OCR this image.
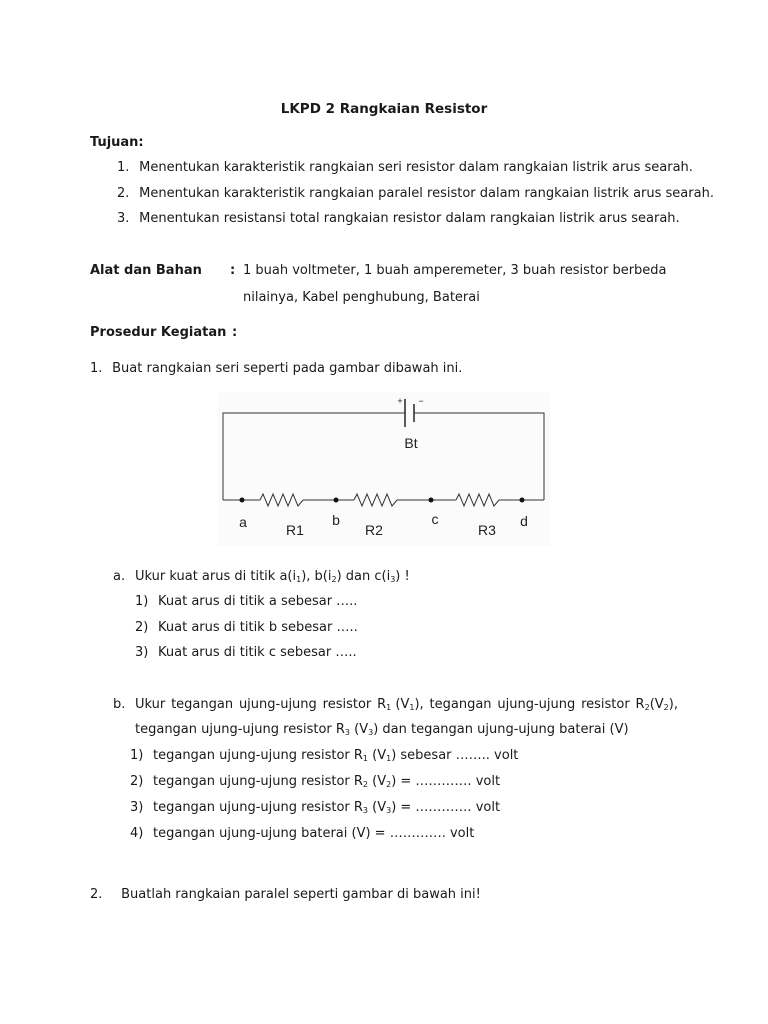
LKPD 2 Rangkaian Resistor
Tujuan:
1. Menentukan karakteristik rangkaian seri resistor dalam rangkaian listrik arus searah.
2. Menentukan karakteristik rangkaian paralel resistor dalam rangkaian listrik arus searah.
3. Menentukan resistansi total rangkaian resistor dalam rangkaian listrik arus searah.
Alat dan Bahan : 1 buah voltmeter, 1 buah amperemeter, 3 buah resistor berbeda
nilainya, Kabel penghubung, Baterai
Prosedur Kegiatan :
1. Buat rangkaian seri seperti pada gambar dibawah ini.
+ −
Bt
a	b	c	d
R1	R2	R3
a. Ukur kuat arus di titik $a(i_1)$, $b(i_2)$ dan $c(i_3)$ !
1) Kuat arus di titik a sebesar …..
2) Kuat arus di titik b sebesar …..
3) Kuat arus di titik c sebesar …..
b. Ukur tegangan ujung-ujung resistor $R_1$ $(V_1)$, tegangan ujung-ujung resistor $R_2(V_2)$,
tegangan ujung-ujung resistor $R_3$ $(V_3)$ dan tegangan ujung-ujung baterai (V)
1) tegangan ujung-ujung resistor $R_1$ $(V_1)$ sebesar …….. volt
2) tegangan ujung-ujung resistor $R_2$ $(V_2)$ = …………. volt
3) tegangan ujung-ujung resistor $R_3$ $(V_3)$ = …………. volt
4) tegangan ujung-ujung baterai (V) = …………. volt
2. Buatlah rangkaian paralel seperti gambar di bawah ini!
